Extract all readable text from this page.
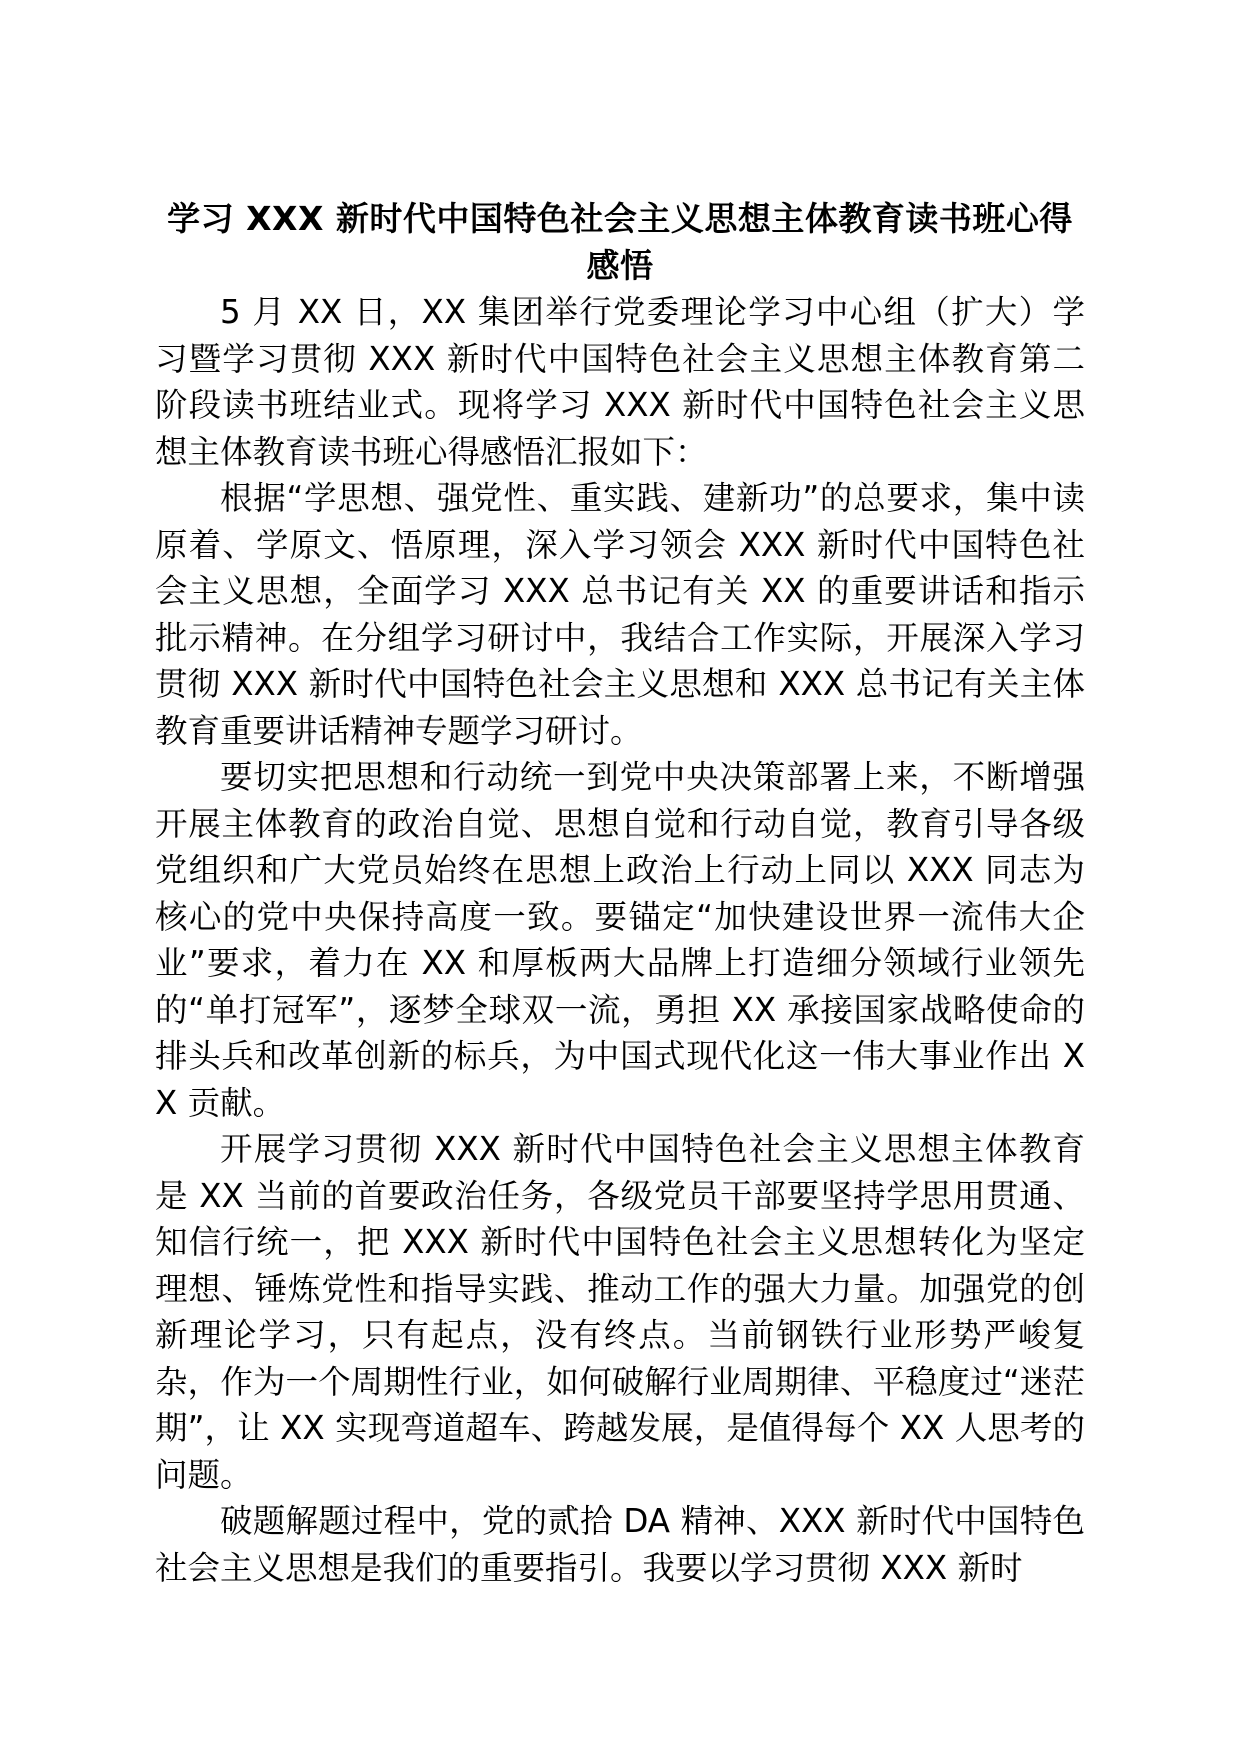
学习 XXX 新时代中国特色社会主义思想主体教育读书班心得感悟

5 月 XX 日，XX 集团举行党委理论学习中心组（扩大）学习暨学习贯彻 XXX 新时代中国特色社会主义思想主体教育第二阶段读书班结业式。现将学习 XXX 新时代中国特色社会主义思想主体教育读书班心得感悟汇报如下：

根据“学思想、强党性、重实践、建新功”的总要求，集中读原着、学原文、悟原理，深入学习领会 XXX 新时代中国特色社会主义思想，全面学习 XXX 总书记有关 XX 的重要讲话和指示批示精神。在分组学习研讨中，我结合工作实际，开展深入学习贯彻 XXX 新时代中国特色社会主义思想和 XXX 总书记有关主体教育重要讲话精神专题学习研讨。

要切实把思想和行动统一到党中央决策部署上来，不断增强开展主体教育的政治自觉、思想自觉和行动自觉，教育引导各级党组织和广大党员始终在思想上政治上行动上同以 XXX 同志为核心的党中央保持高度一致。要锚定“加快建设世界一流伟大企业”要求，着力在 XX 和厚板两大品牌上打造细分领域行业领先的“单打冠军”，逐梦全球双一流，勇担 XX 承接国家战略使命的排头兵和改革创新的标兵，为中国式现代化这一伟大事业作出 XX 贡献。

开展学习贯彻 XXX 新时代中国特色社会主义思想主体教育是 XX 当前的首要政治任务，各级党员干部要坚持学思用贯通、知信行统一，把 XXX 新时代中国特色社会主义思想转化为坚定理想、锤炼党性和指导实践、推动工作的强大力量。加强党的创新理论学习，只有起点，没有终点。当前钢铁行业形势严峻复杂，作为一个周期性行业，如何破解行业周期律、平稳度过“迷茫期”，让 XX 实现弯道超车、跨越发展，是值得每个 XX 人思考的问题。

破题解题过程中，党的贰拾 DA 精神、XXX 新时代中国特色社会主义思想是我们的重要指引。我要以学习贯彻 XXX 新时
